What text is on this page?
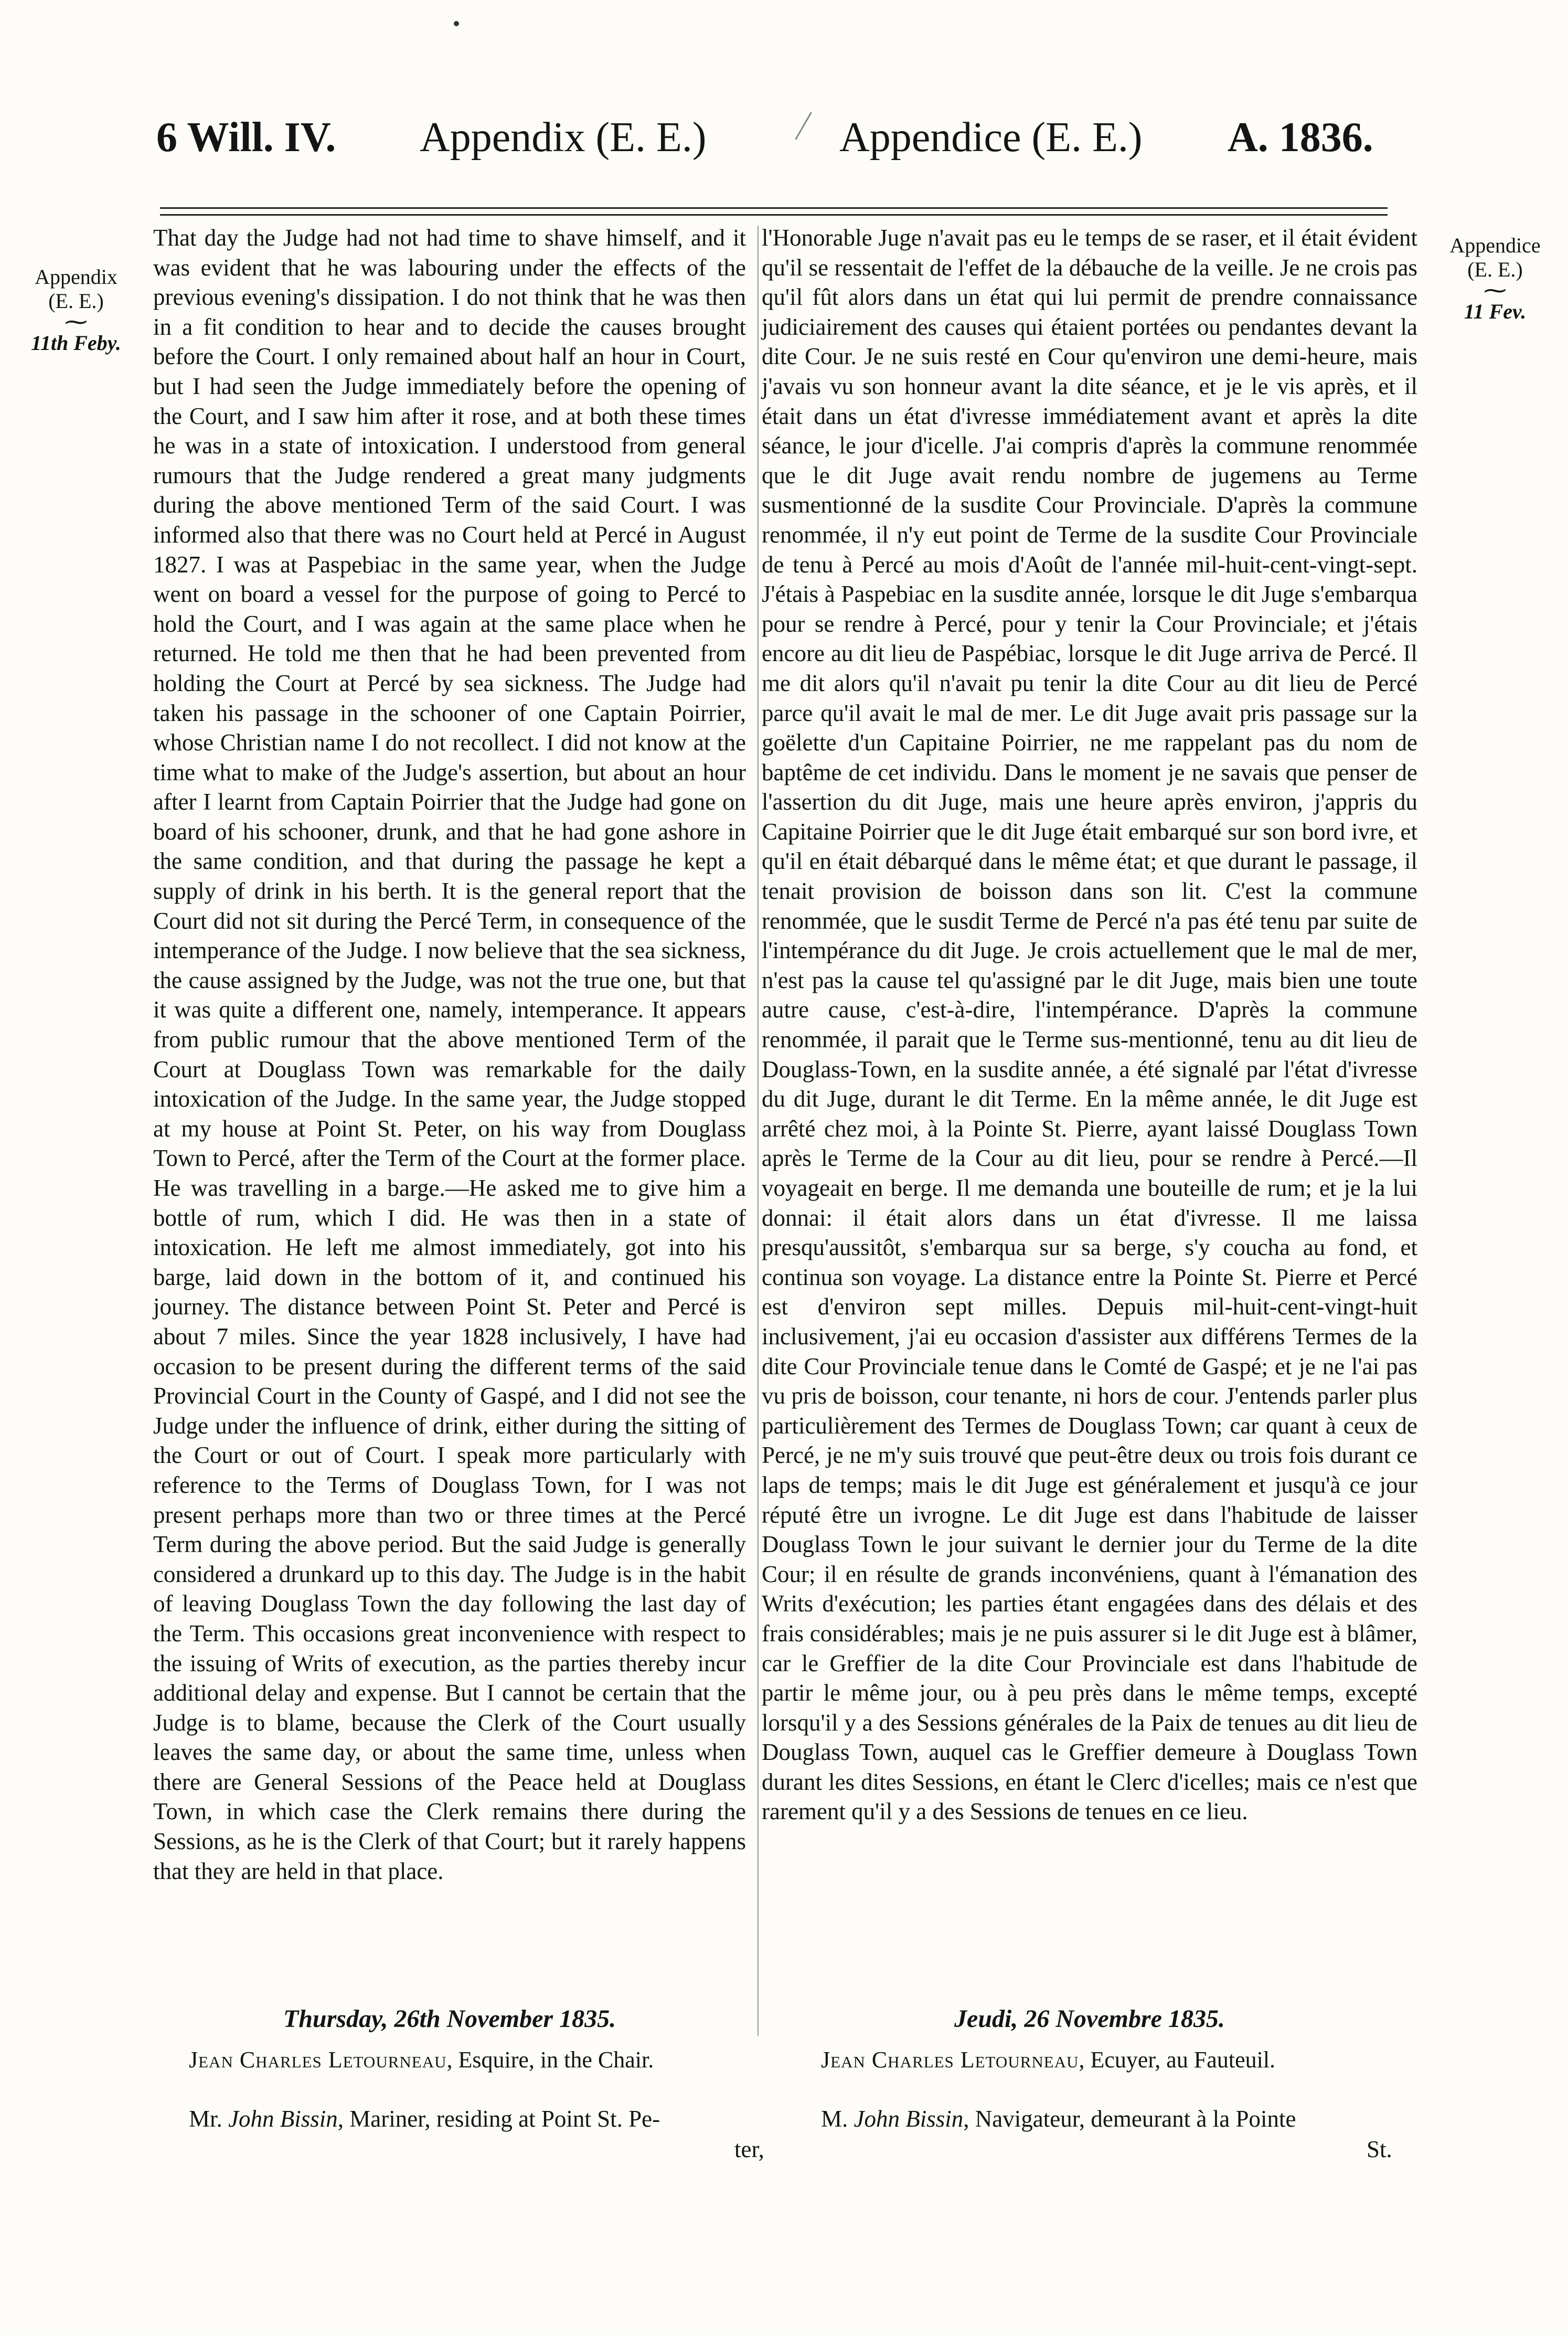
6 Will. IV. Appendix (E. E.)	Appendice (E. E.) A. 1836.
Appendix
(E. E.)
⁓
11th Feby.
Appendice
(E. E.)
⁓
11 Fev.

That day the Judge had not had time to shave himself, and it was evident that he was labouring under the effects of the previous evening's dissipation. I do not think that he was then in a fit condition to hear and to decide the causes brought before the Court. I only remained about half an hour in Court, but I had seen the Judge immediately before the opening of the Court, and I saw him after it rose, and at both these times he was in a state of intoxication. I understood from general rumours that the Judge rendered a great many judgments during the above mentioned Term of the said Court. I was informed also that there was no Court held at Percé in August 1827. I was at Paspebiac in the same year, when the Judge went on board a vessel for the purpose of going to Percé to hold the Court, and I was again at the same place when he returned. He told me then that he had been prevented from holding the Court at Percé by sea sickness. The Judge had taken his passage in the schooner of one Captain Poirrier, whose Christian name I do not recollect. I did not know at the time what to make of the Judge's assertion, but about an hour after I learnt from Captain Poirrier that the Judge had gone on board of his schooner, drunk, and that he had gone ashore in the same condition, and that during the passage he kept a supply of drink in his berth. It is the general report that the Court did not sit during the Percé Term, in consequence of the intemperance of the Judge. I now believe that the sea sickness, the cause assigned by the Judge, was not the true one, but that it was quite a different one, namely, intemperance. It appears from public rumour that the above mentioned Term of the Court at Douglass Town was remarkable for the daily intoxication of the Judge. In the same year, the Judge stopped at my house at Point St. Peter, on his way from Douglass Town to Percé, after the Term of the Court at the former place. He was travelling in a barge.—He asked me to give him a bottle of rum, which I did. He was then in a state of intoxication. He left me almost immediately, got into his barge, laid down in the bottom of it, and continued his journey. The distance between Point St. Peter and Percé is about 7 miles. Since the year 1828 inclusively, I have had occasion to be present during the different terms of the said Provincial Court in the County of Gaspé, and I did not see the Judge under the influence of drink, either during the sitting of the Court or out of Court. I speak more particularly with reference to the Terms of Douglass Town, for I was not present perhaps more than two or three times at the Percé Term during the above period. But the said Judge is generally considered a drunkard up to this day. The Judge is in the habit of leaving Douglass Town the day following the last day of the Term. This occasions great inconvenience with respect to the issuing of Writs of execution, as the parties thereby incur additional delay and expense. But I cannot be certain that the Judge is to blame, because the Clerk of the Court usually leaves the same day, or about the same time, unless when there are General Sessions of the Peace held at Douglass Town, in which case the Clerk remains there during the Sessions, as he is the Clerk of that Court; but it rarely happens that they are held in that place.

l'Honorable Juge n'avait pas eu le temps de se raser, et il était évident qu'il se ressentait de l'effet de la débauche de la veille. Je ne crois pas qu'il fût alors dans un état qui lui permit de prendre connaissance judiciairement des causes qui étaient portées ou pendantes devant la dite Cour. Je ne suis resté en Cour qu'environ une demi-heure, mais j'avais vu son honneur avant la dite séance, et je le vis après, et il était dans un état d'ivresse immédiatement avant et après la dite séance, le jour d'icelle. J'ai compris d'après la commune renommée que le dit Juge avait rendu nombre de jugemens au Terme susmentionné de la susdite Cour Provinciale. D'après la commune renommée, il n'y eut point de Terme de la susdite Cour Provinciale de tenu à Percé au mois d'Août de l'année mil-huit-cent-vingt-sept. J'étais à Paspebiac en la susdite année, lorsque le dit Juge s'embarqua pour se rendre à Percé, pour y tenir la Cour Provinciale; et j'étais encore au dit lieu de Paspébiac, lorsque le dit Juge arriva de Percé. Il me dit alors qu'il n'avait pu tenir la dite Cour au dit lieu de Percé parce qu'il avait le mal de mer. Le dit Juge avait pris passage sur la goëlette d'un Capitaine Poirrier, ne me rappelant pas du nom de baptême de cet individu. Dans le moment je ne savais que penser de l'assertion du dit Juge, mais une heure après environ, j'appris du Capitaine Poirrier que le dit Juge était embarqué sur son bord ivre, et qu'il en était débarqué dans le même état; et que durant le passage, il tenait provision de boisson dans son lit. C'est la commune renommée, que le susdit Terme de Percé n'a pas été tenu par suite de l'intempérance du dit Juge. Je crois actuellement que le mal de mer, n'est pas la cause tel qu'assigné par le dit Juge, mais bien une toute autre cause, c'est-à-dire, l'intempérance. D'après la commune renommée, il parait que le Terme sus-mentionné, tenu au dit lieu de Douglass-Town, en la susdite année, a été signalé par l'état d'ivresse du dit Juge, durant le dit Terme. En la même année, le dit Juge est arrêté chez moi, à la Pointe St. Pierre, ayant laissé Douglass Town après le Terme de la Cour au dit lieu, pour se rendre à Percé.—Il voyageait en berge. Il me demanda une bouteille de rum; et je la lui donnai: il était alors dans un état d'ivresse. Il me laissa presqu'aussitôt, s'embarqua sur sa berge, s'y coucha au fond, et continua son voyage. La distance entre la Pointe St. Pierre et Percé est d'environ sept milles. Depuis mil-huit-cent-vingt-huit inclusivement, j'ai eu occasion d'assister aux différens Termes de la dite Cour Provinciale tenue dans le Comté de Gaspé; et je ne l'ai pas vu pris de boisson, cour tenante, ni hors de cour. J'entends parler plus particulièrement des Termes de Douglass Town; car quant à ceux de Percé, je ne m'y suis trouvé que peut-être deux ou trois fois durant ce laps de temps; mais le dit Juge est généralement et jusqu'à ce jour réputé être un ivrogne. Le dit Juge est dans l'habitude de laisser Douglass Town le jour suivant le dernier jour du Terme de la dite Cour; il en résulte de grands inconvéniens, quant à l'émanation des Writs d'exécution; les parties étant engagées dans des délais et des frais considérables; mais je ne puis assurer si le dit Juge est à blâmer, car le Greffier de la dite Cour Provinciale est dans l'habitude de partir le même jour, ou à peu près dans le même temps, excepté lorsqu'il y a des Sessions générales de la Paix de tenues au dit lieu de Douglass Town, auquel cas le Greffier demeure à Douglass Town durant les dites Sessions, en étant le Clerc d'icelles; mais ce n'est que rarement qu'il y a des Sessions de tenues en ce lieu.

Thursday, 26th November 1835.	Jeudi, 26 Novembre 1835.
Jean Charles Letourneau, Esquire, in the Chair.	Jean Charles Letourneau, Ecuyer, au Fauteuil.
Mr. John Bissin, Mariner, residing at Point St. Pe-
ter,
M. John Bissin, Navigateur, demeurant à la Pointe
St.
